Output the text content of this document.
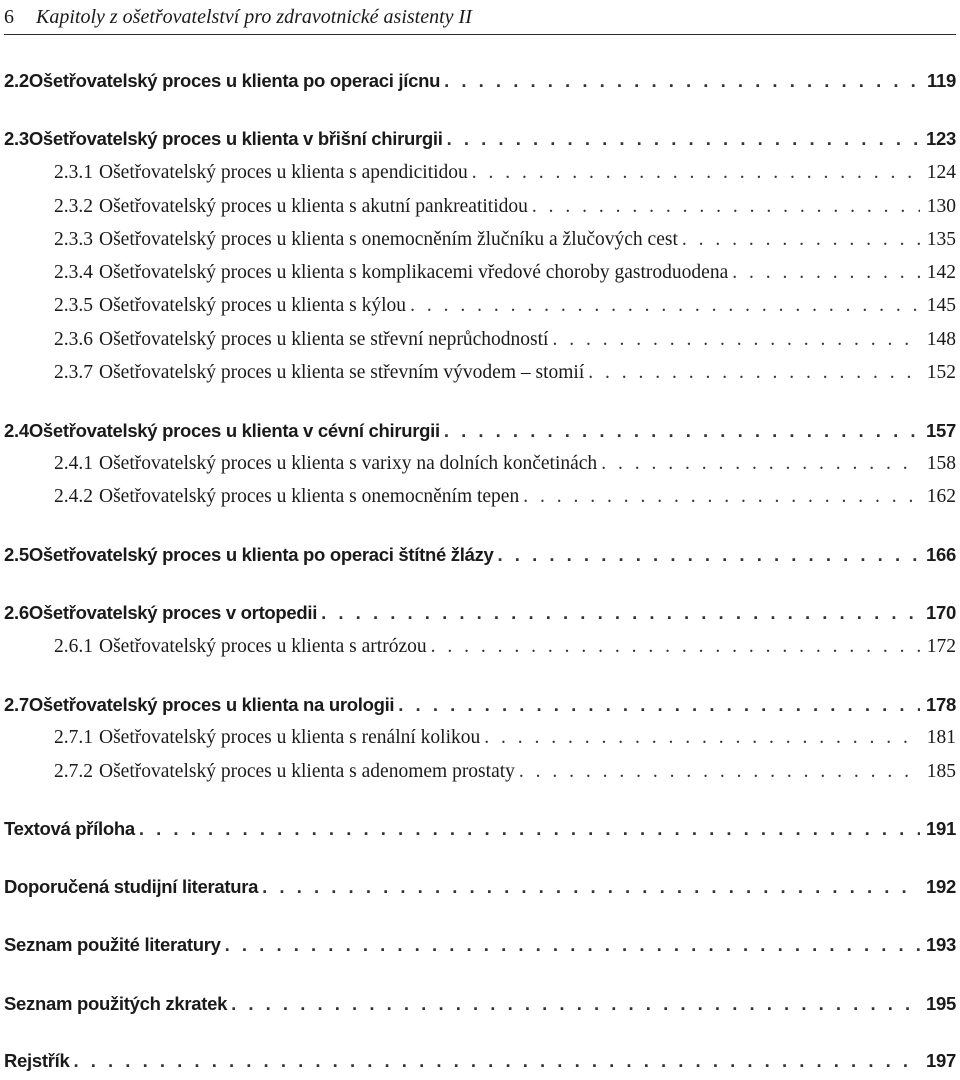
6 Kapitoly z ošetřovatelství pro zdravotnické asistenty II
2.2 Ošetřovatelský proces u klienta po operaci jícnu . . .	119
2.3 Ošetřovatelský proces u klienta v břišní chirurgii . . .	123
2.3.1 Ošetřovatelský proces u klienta s apendicitidou . . .	124
2.3.2 Ošetřovatelský proces u klienta s akutní pankreatitidou . . .	130
2.3.3 Ošetřovatelský proces u klienta s onemocněním žlučníku a žlučových cest . . .	135
2.3.4 Ošetřovatelský proces u klienta s komplikacemi vředové choroby gastroduodena . . .	142
2.3.5 Ošetřovatelský proces u klienta s kýlou . . .	145
2.3.6 Ošetřovatelský proces u klienta se střevní neprůchodností . . .	148
2.3.7 Ošetřovatelský proces u klienta se střevním vývodem – stomií . . .	152
2.4 Ošetřovatelský proces u klienta v cévní chirurgii . . .	157
2.4.1 Ošetřovatelský proces u klienta s varixy na dolních končetinách . . .	158
2.4.2 Ošetřovatelský proces u klienta s onemocněním tepen . . .	162
2.5 Ošetřovatelský proces u klienta po operaci štítné žlázy . . .	166
2.6 Ošetřovatelský proces v ortopedii . . .	170
2.6.1 Ošetřovatelský proces u klienta s artrózou . . .	172
2.7 Ošetřovatelský proces u klienta na urologii . . .	178
2.7.1 Ošetřovatelský proces u klienta s renální kolikou . . .	181
2.7.2 Ošetřovatelský proces u klienta s adenomem prostaty . . .	185
Textová příloha . . .	191
Doporučená studijní literatura . . .	192
Seznam použité literatury . . .	193
Seznam použitých zkratek . . .	195
Rejstřík . . .	197
